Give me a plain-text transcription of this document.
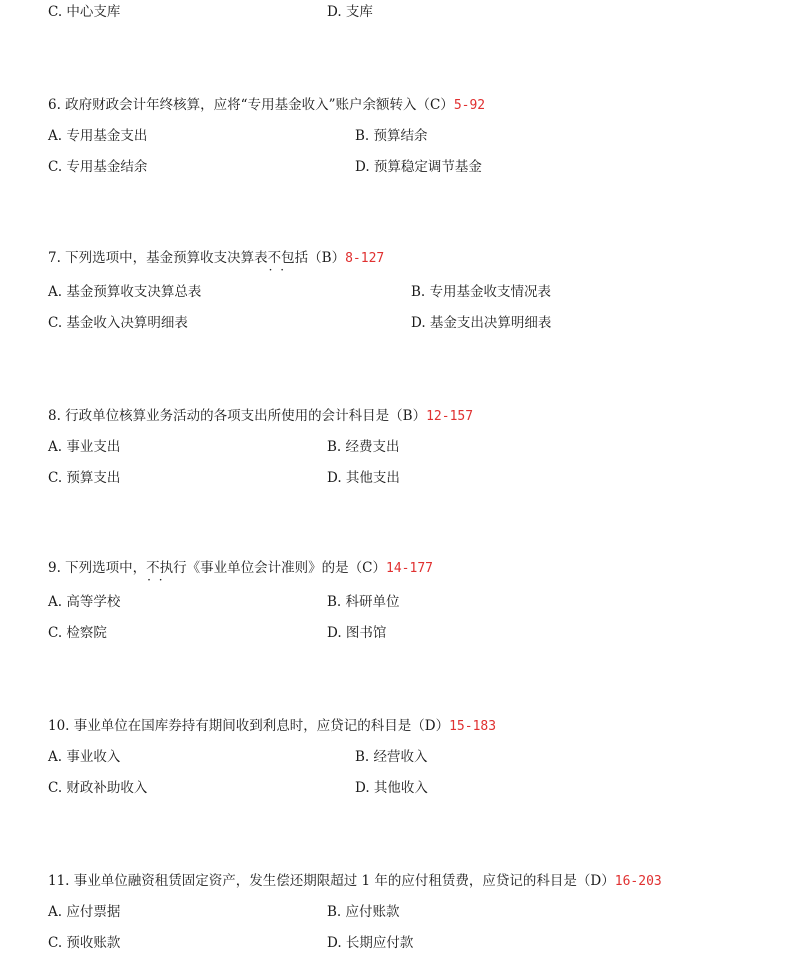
C. 中心支库	D. 支库
6. 政府财政会计年终核算，应将“专用基金收入”账户余额转入（C）5-92
A. 专用基金支出	B. 预算结余
C. 专用基金结余	D. 预算稳定调节基金
7. 下列选项中，基金预算收支决算表不包括 · ·（B）8-127
A. 基金预算收支决算总表	B. 专用基金收支情况表
C. 基金收入决算明细表	D. 基金支出决算明细表
8. 行政单位核算业务活动的各项支出所使用的会计科目是（B）12-157
A. 事业支出	B. 经费支出
C. 预算支出	D. 其他支出
9. 下列选项中，不执行 · ·《事业单位会计准则》的是（C）14-177
A. 高等学校	B. 科研单位
C. 检察院	D. 图书馆
10. 事业单位在国库券持有期间收到利息时，应贷记的科目是（D）15-183
A. 事业收入	B. 经营收入
C. 财政补助收入	D. 其他收入
11. 事业单位融资租赁固定资产，发生偿还期限超过 1 年的应付租赁费，应贷记的科目是（D）16-203
A. 应付票据	B. 应付账款
C. 预收账款	D. 长期应付款
